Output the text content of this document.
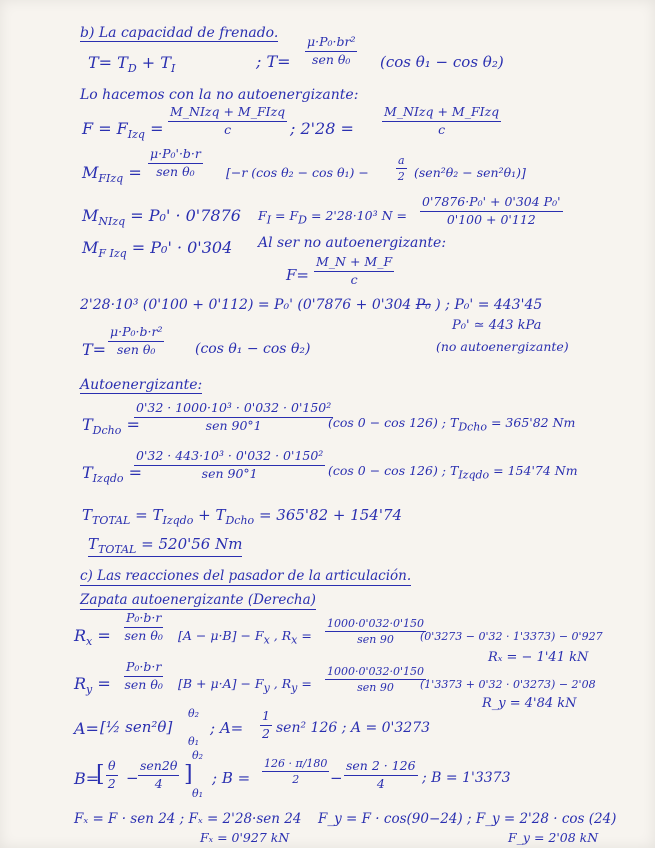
b) La capacidad de frenado.
$T= T_D + T_I$	; T=
μ·P₀·br²
sen θ₀	(cos θ₁ − cos θ₂)
Lo hacemos con la no autoenergizante:
$F = F_{Izq}$ =
M_NIzq + M_FIzq
c	; 2'28 =
M_NIzq + M_FIzq
c
$M_{FIzq}$ =
μ·P₀'·b·r
sen θ₀	[−r (cos $\theta_2 - \cos \theta_1) - \frac{a}{2} (sen^2\theta_2 - sen^2\theta_1)$]
$M_{NIzq} = P_0' \cdot 0'7876$ $F_I = F_D = 2'28\cdot 10^3$ $N = \frac{\text{0'7876·P₀' + 0'304 P₀'}}{0'100 + 0'112}$
$M_{F Izq} = P_0' \cdot 0'304$ Al ser no autoenergizante:
$F= \frac{M\_N + M\_F}{c}$
2'28·10³ (0'100 + 0'112) = P₀' (0'7876 + 0'304 P₀ ) ; P₀' = 443'45
P₀' ≃ 443 kPa
T=
μ·P₀·b·r²
sen θ₀	(cos θ₁ − cos θ₂)	(no autoenergizante)
Autoenergizante:
$T_{Dcho}$ =
0'32 · 1000·10³ · 0'032 · 0'150²
sen 90°1	(cos 0 − cos 126) ; $T_{Dcho} = 365'82$ Nm
$T_{Izqdo}$ =
0'32 · 443·10³ · 0'032 · 0'150²
sen 90°1	(cos 0 − cos 126) ; $T_{Izqdo} = 154'74$ Nm
$T_{TOTAL} = T_{Izqdo} + T_{Dcho} = 365'82 + 154'74$
$T_{TOTAL} = 520'56$ Nm
c) Las reacciones del pasador de la articulación.
Zapata autoenergizante (Derecha)
$R_x$ =
P₀·b·r
sen θ₀ $[A - \mu\cdot B] - F_x$ , $R_x$ =
1000·0'032·0'150
sen 90	(0'3273 − 0'32 · 1'3373) − 0'927
Rₓ = − 1'41 kN
$R_y$ =
P₀·b·r
sen θ₀ $[B + \mu\cdot A] - F_y$ , $R_y$ =
1000·0'032·0'150
sen 90	(1'3373 + 0'32 · 0'3273) − 2'08
R_y = 4'84 kN
A= [½ sen²θ]
θ₂
θ₁
; $A= \frac{1}{2} sen^2$ 126 ; A = 0'3273
B=
[ $\frac{\theta}{2}$ −
sen2θ
4 ]
θ₂
θ₁
; $B = \frac{126 \cdot \pi/180}{2}$ −
sen 2 · 126
4	; B = 1'3373
Fₓ = F · sen 24 ; Fₓ = 2'28·sen 24 F_y = F · cos(90−24) ; F_y = 2'28 · cos (24)
Fₓ = 0'927 kN	F_y = 2'08 kN
